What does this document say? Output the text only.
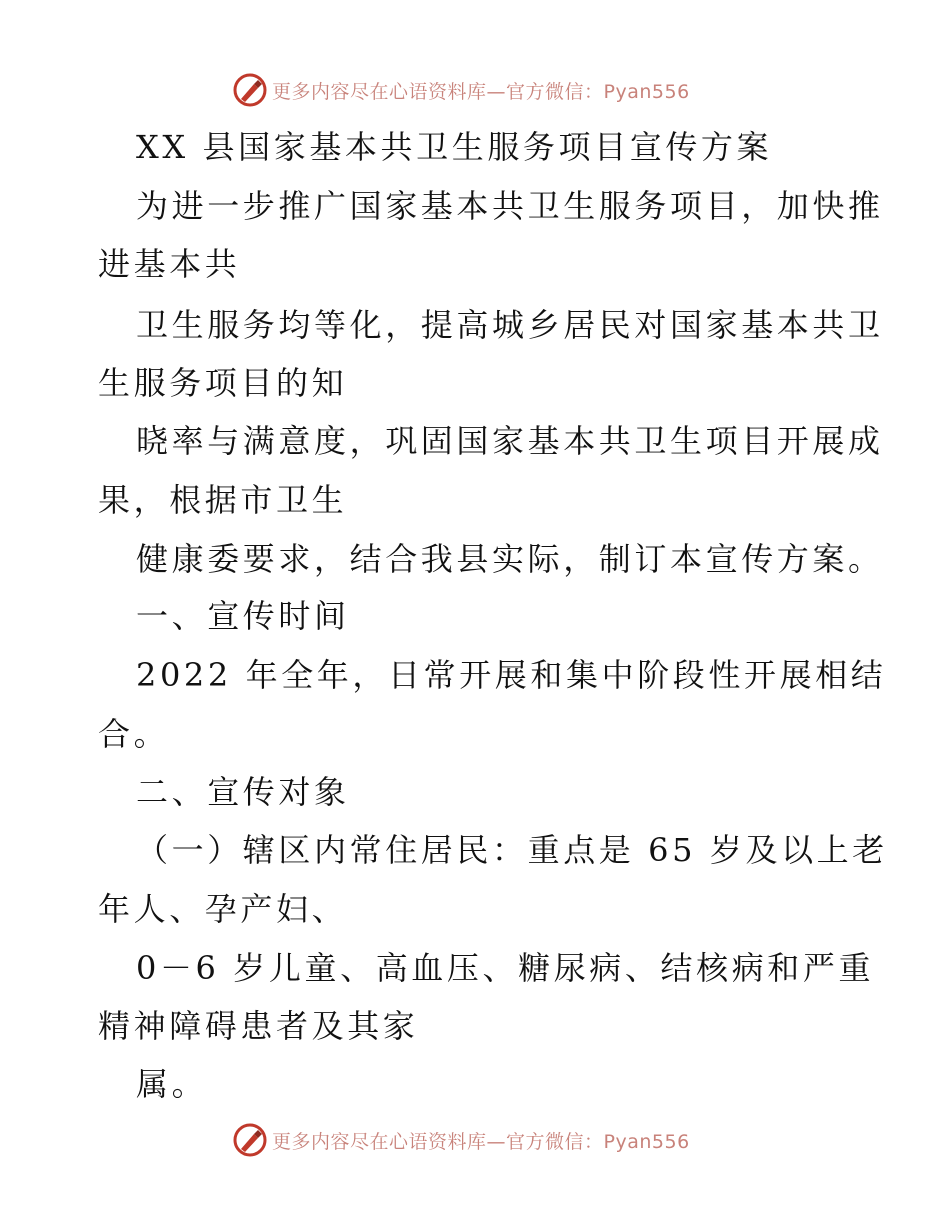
更多内容尽在心语资料库—官方微信：Pyan556
XX 县国家基本共卫生服务项目宣传方案
为进一步推广国家基本共卫生服务项目，加快推
进基本共
卫生服务均等化，提高城乡居民对国家基本共卫
生服务项目的知
晓率与满意度，巩固国家基本共卫生项目开展成
果，根据市卫生
健康委要求，结合我县实际，制订本宣传方案。
一、宣传时间
2022 年全年，日常开展和集中阶段性开展相结
合。
二、宣传对象
（一）辖区内常住居民：重点是 65 岁及以上老
年人、孕产妇、
0－6 岁儿童、高血压、糖尿病、结核病和严重
精神障碍患者及其家
属。
更多内容尽在心语资料库—官方微信：Pyan556
